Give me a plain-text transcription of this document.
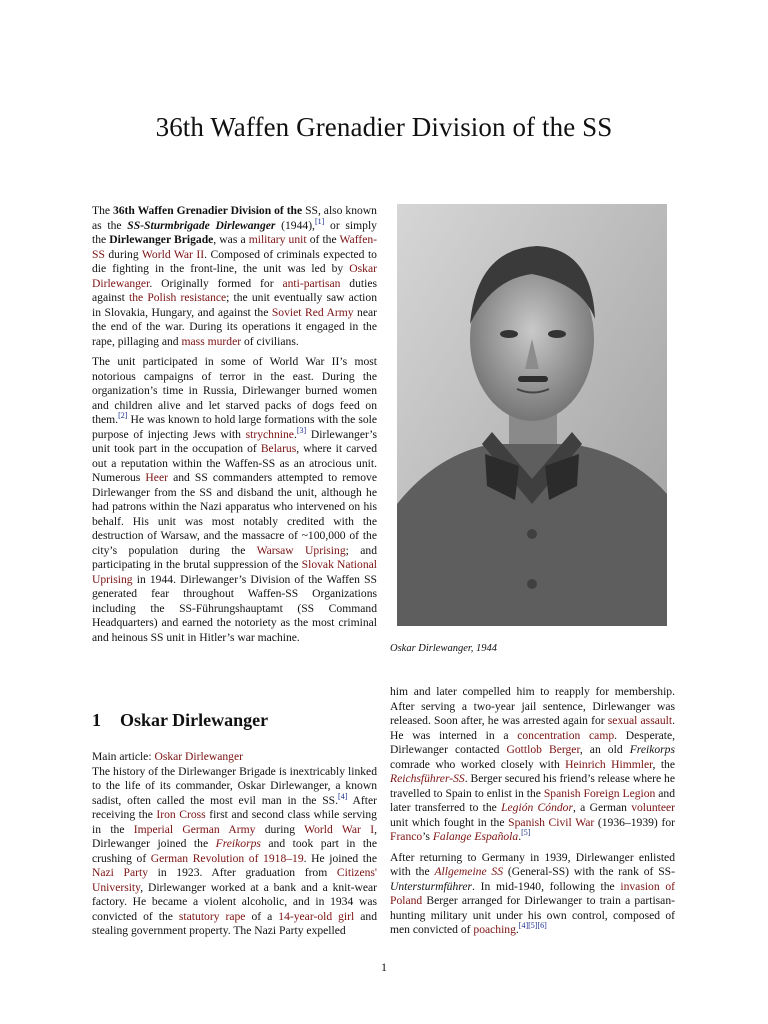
36th Waffen Grenadier Division of the SS

The 36th Waffen Grenadier Division of the SS, also known as the SS-Sturmbrigade Dirlewanger (1944),[1] or simply the Dirlewanger Brigade, was a military unit of the Waffen-SS during World War II. Composed of criminals expected to die fighting in the front-line, the unit was led by Oskar Dirlewanger. Originally formed for anti-partisan duties against the Polish resistance; the unit eventually saw action in Slovakia, Hungary, and against the Soviet Red Army near the end of the war. During its operations it engaged in the rape, pillaging and mass murder of civilians.

The unit participated in some of World War II’s most notorious campaigns of terror in the east. During the organization’s time in Russia, Dirlewanger burned women and children alive and let starved packs of dogs feed on them.[2] He was known to hold large formations with the sole purpose of injecting Jews with strychnine.[3] Dirlewanger’s unit took part in the occupation of Belarus, where it carved out a reputation within the Waffen-SS as an atrocious unit. Numerous Heer and SS commanders attempted to remove Dirlewanger from the SS and disband the unit, although he had patrons within the Nazi apparatus who intervened on his behalf. His unit was most notably credited with the destruction of Warsaw, and the massacre of ~100,000 of the city’s population during the Warsaw Uprising; and participating in the brutal suppression of the Slovak National Uprising in 1944. Dirlewanger’s Division of the Waffen SS generated fear throughout Waffen-SS Organizations including the SS-Führungshauptamt (SS Command Headquarters) and earned the notoriety as the most criminal and heinous SS unit in Hitler’s war machine.

Oskar Dirlewanger, 1944
1 Oskar Dirlewanger

Main article: Oskar Dirlewanger
The history of the Dirlewanger Brigade is inextricably linked to the life of its commander, Oskar Dirlewanger, a known sadist, often called the most evil man in the SS.[4] After receiving the Iron Cross first and second class while serving in the Imperial German Army during World War I, Dirlewanger joined the Freikorps and took part in the crushing of German Revolution of 1918–19. He joined the Nazi Party in 1923. After graduation from Citizens' University, Dirlewanger worked at a bank and a knit-wear factory. He became a violent alcoholic, and in 1934 was convicted of the statutory rape of a 14-year-old girl and stealing government property. The Nazi Party expelled

him and later compelled him to reapply for membership. After serving a two-year jail sentence, Dirlewanger was released. Soon after, he was arrested again for sexual assault. He was interned in a concentration camp. Desperate, Dirlewanger contacted Gottlob Berger, an old Freikorps comrade who worked closely with Heinrich Himmler, the Reichsführer-SS. Berger secured his friend’s release where he travelled to Spain to enlist in the Spanish Foreign Legion and later transferred to the Legión Cóndor, a German volunteer unit which fought in the Spanish Civil War (1936–1939) for Franco’s Falange Española.[5]

After returning to Germany in 1939, Dirlewanger enlisted with the Allgemeine SS (General-SS) with the rank of SS-Untersturmführer. In mid-1940, following the invasion of Poland Berger arranged for Dirlewanger to train a partisan-hunting military unit under his own control, composed of men convicted of poaching.[4][5][6]

1
